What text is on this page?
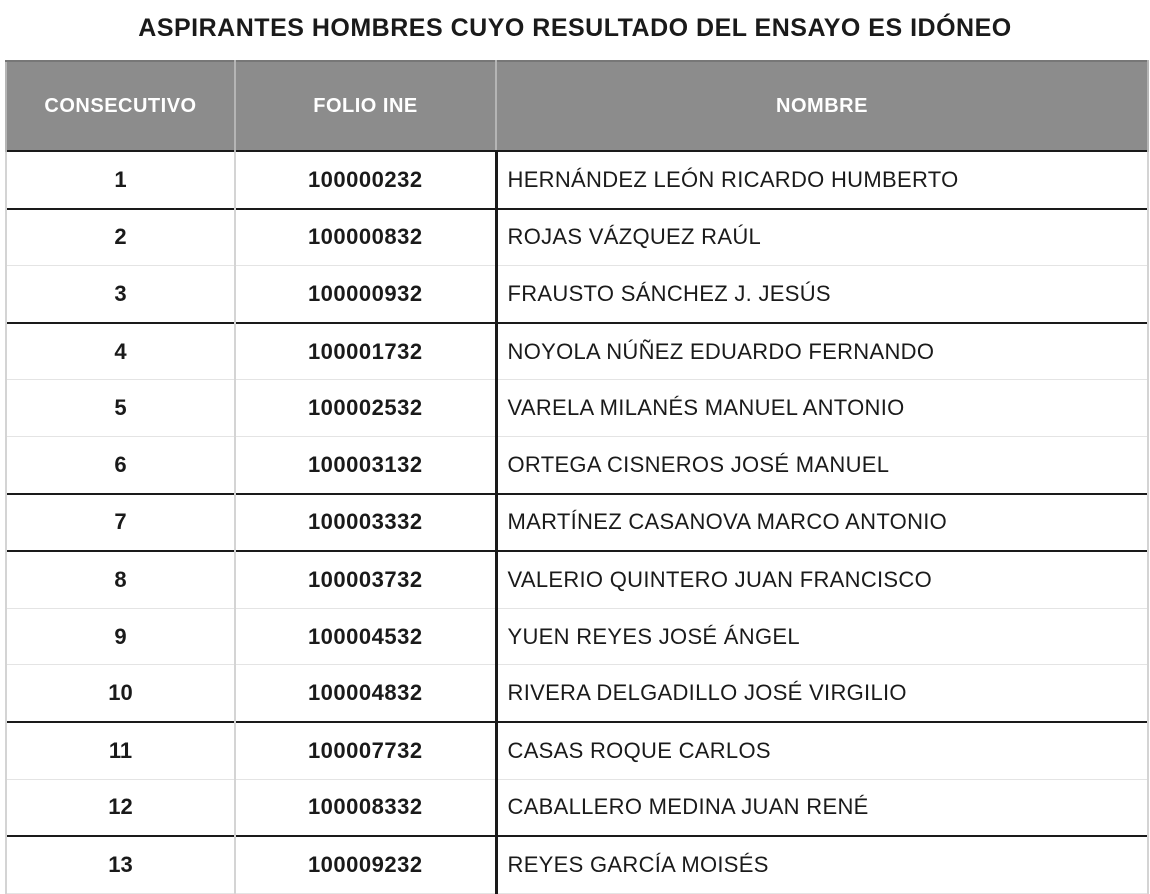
ASPIRANTES HOMBRES CUYO RESULTADO DEL ENSAYO ES IDÓNEO
CONSECUTIVO	FOLIO INE	NOMBRE
1	100000232	HERNÁNDEZ LEÓN RICARDO HUMBERTO
2	100000832	ROJAS VÁZQUEZ RAÚL
3	100000932	FRAUSTO SÁNCHEZ J. JESÚS
4	100001732	NOYOLA NÚÑEZ EDUARDO FERNANDO
5	100002532	VARELA MILANÉS MANUEL ANTONIO
6	100003132	ORTEGA CISNEROS JOSÉ MANUEL
7	100003332	MARTÍNEZ CASANOVA MARCO ANTONIO
8	100003732	VALERIO QUINTERO JUAN FRANCISCO
9	100004532	YUEN REYES JOSÉ ÁNGEL
10	100004832	RIVERA DELGADILLO JOSÉ VIRGILIO
11	100007732	CASAS ROQUE CARLOS
12	100008332	CABALLERO MEDINA JUAN RENÉ
13	100009232	REYES GARCÍA MOISÉS
